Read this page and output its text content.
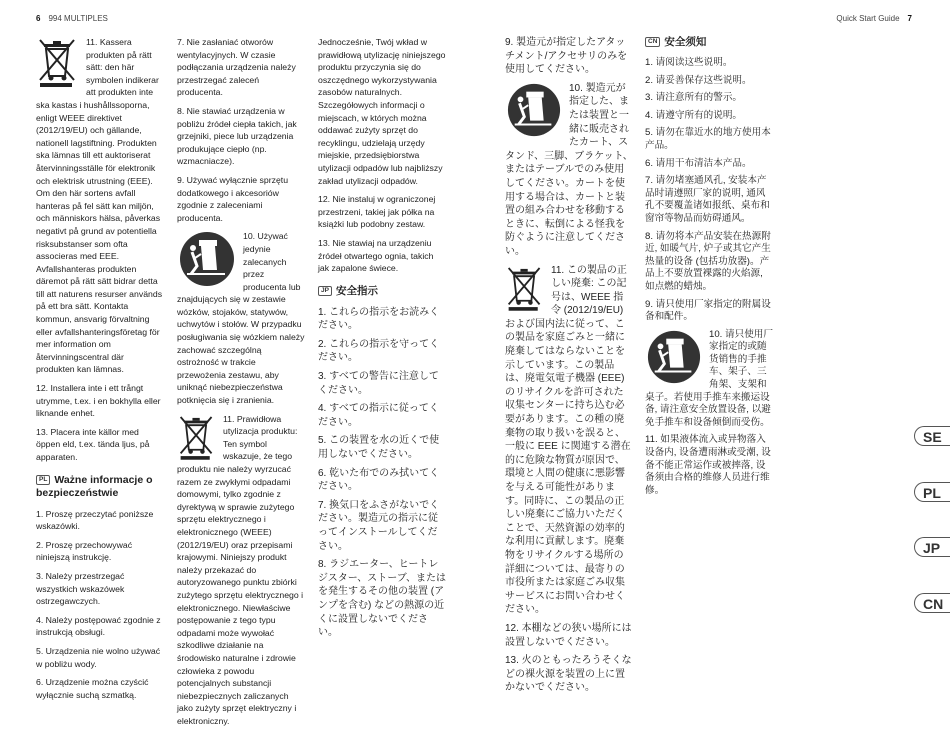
6 994 MULTIPLES	Quick Start Guide 7

11. Kassera produkten på rätt sätt: den här symbolen indikerar att produkten inte ska kastas i hushållssoporna, enligt WEEE direktivet (2012/19/EU) och gällande, nationell lagstiftning. Produkten ska lämnas till ett auktoriserat återvinningsställe för elektronik och elektrisk utrustning (EEE). Om den här sortens avfall hanteras på fel sätt kan miljön, och människors hälsa, påverkas negativt på grund av potentiella risksubstanser som ofta associeras med EEE. Avfallshanteras produkten däremot på rätt sätt bidrar detta till att naturens resurser används på ett bra sätt. Kontakta kommun, ansvarig förvaltning eller avfallshanteringsföretag för mer information om återvinningscentral där produkten kan lämnas.

12. Installera inte i ett trångt utrymme, t.ex. i en bokhylla eller liknande enhet.

13. Placera inte källor med öppen eld, t.ex. tända ljus, på apparaten.

PL Ważne informacje o bezpieczeństwie

1. Proszę przeczytać poniższe wskazówki.

2. Proszę przechowywać niniejszą instrukcję.

3. Należy przestrzegać wszystkich wskazówek ostrzegawczych.

4. Należy postępować zgodnie z instrukcją obsługi.

5. Urządzenia nie wolno używać w pobliżu wody.

6. Urządzenie można czyścić wyłącznie suchą szmatką.

7. Nie zasłaniać otworów wentylacyjnych. W czasie podłączania urządzenia należy przestrzegać zaleceń producenta.

8. Nie stawiać urządzenia w pobliżu źródeł ciepła takich, jak grzejniki, piece lub urządzenia produkujące ciepło (np. wzmacniacze).

9. Używać wyłącznie sprzętu dodatkowego i akcesoriów zgodnie z zaleceniami producenta.

10. Używać jedynie zalecanych przez producenta lub znajdujących się w zestawie wózków, stojaków, statywów, uchwytów i stołów. W przypadku posługiwania się wózkiem należy zachować szczególną ostrożność w trakcie przewożenia zestawu, aby uniknąć niebezpieczeństwa potknięcia się i zranienia.

11. Prawidłowa utylizacja produktu: Ten symbol wskazuje, że tego produktu nie należy wyrzucać razem ze zwykłymi odpadami domowymi, tylko zgodnie z dyrektywą w sprawie zużytego sprzętu elektrycznego i elektronicznego (WEEE) (2012/19/EU) oraz przepisami krajowymi. Niniejszy produkt należy przekazać do autoryzowanego punktu zbiórki zużytego sprzętu elektrycznego i elektronicznego. Niewłaściwe postępowanie z tego typu odpadami może wywołać szkodliwe działanie na środowisko naturalne i zdrowie człowieka z powodu potencjalnych substancji niebezpiecznych zaliczanych jako zużyty sprzęt elektryczny i elektroniczny.

Jednocześnie, Twój wkład w prawidłową utylizację niniejszego produktu przyczynia się do oszczędnego wykorzystywania zasobów naturalnych. Szczegółowych informacji o miejscach, w których można oddawać zużyty sprzęt do recyklingu, udzielają urzędy miejskie, przedsiębiorstwa utylizacji odpadów lub najbliższy zakład utylizacji odpadów.

12. Nie instaluj w ograniczonej przestrzeni, takiej jak półka na książki lub podobny zestaw.

13. Nie stawiaj na urządzeniu źródeł otwartego ognia, takich jak zapalone świece.

JP 安全指示

1. これらの指示をお読みください。

2. これらの指示を守ってください。

3. すべての警告に注意してください。

4. すべての指示に従ってください。

5. この装置を水の近くで使用しないでください。

6. 乾いた布でのみ拭いてください。

7. 換気口をふさがないでください。製造元の指示に従ってインストールしてください。

8. ラジエーター、ヒートレジスター、ストーブ、またはを発生するその他の装置 (アンプを含む) などの熱源の近くに設置しないでください。

9. 製造元が指定したアタッチメント/アクセサリのみを使用してください。

10. 製造元が指定した、または装置と一緒に販売されたカート、スタンド、三脚、ブラケット、またはテーブルでのみ使用してください。カートを使用する場合は、カートと装置の組み合わせを移動するときに、転倒による怪我を防ぐように注意してください。

11. この製品の正しい廃棄: この記号は、WEEE 指令 (2012/19/EU) および国内法に従って、この製品を家庭ごみと一緒に廃棄してはならないことを示しています。この製品は、廃電気電子機器 (EEE) のリサイクルを許可された収集センターに持ち込む必要があります。この種の廃棄物の取り扱いを誤ると、一般に EEE に関連する潜在的に危険な物質が原因で、環境と人間の健康に悪影響を与える可能性があります。同時に、この製品の正しい廃棄にご協力いただくことで、天然資源の効率的な利用に貢献します。廃棄物をリサイクルする場所の詳細については、最寄りの市役所または家庭ごみ収集サービスにお問い合わせください。

12. 本棚などの狭い場所には設置しないでください。

13. 火のともったろうそくなどの裸火源を装置の上に置かないでください。

CN 安全须知

1. 请阅读这些说明。

2. 请妥善保存这些说明。

3. 请注意所有的警示。

4. 请遵守所有的说明。

5. 请勿在靠近水的地方使用本产品。

6. 请用干布清洁本产品。

7. 请勿堵塞通风孔, 安装本产品时请遵照厂家的说明, 通风孔不要覆盖诸如报纸、桌布和窗帘等物品而妨碍通风。

8. 请勿将本产品安装在热源附近, 如暖气片, 炉子或其它产生热量的设备 (包括功放器)。产品上不要放置裸露的火焰源, 如点燃的蜡烛。

9. 请只使用厂家指定的附属设备和配件。

10. 请只使用厂家指定的或随货销售的手推车、架子、三角架、支架和桌子。若使用手推车来搬运设备, 请注意安全放置设备, 以避免手推车和设备倾倒而受伤。

11. 如果液体流入或异物落入设备内, 设备遭雨淋或受潮, 设备不能正常运作或被摔落, 设备须由合格的维修人员进行维修。

SE
PL
JP
CN
